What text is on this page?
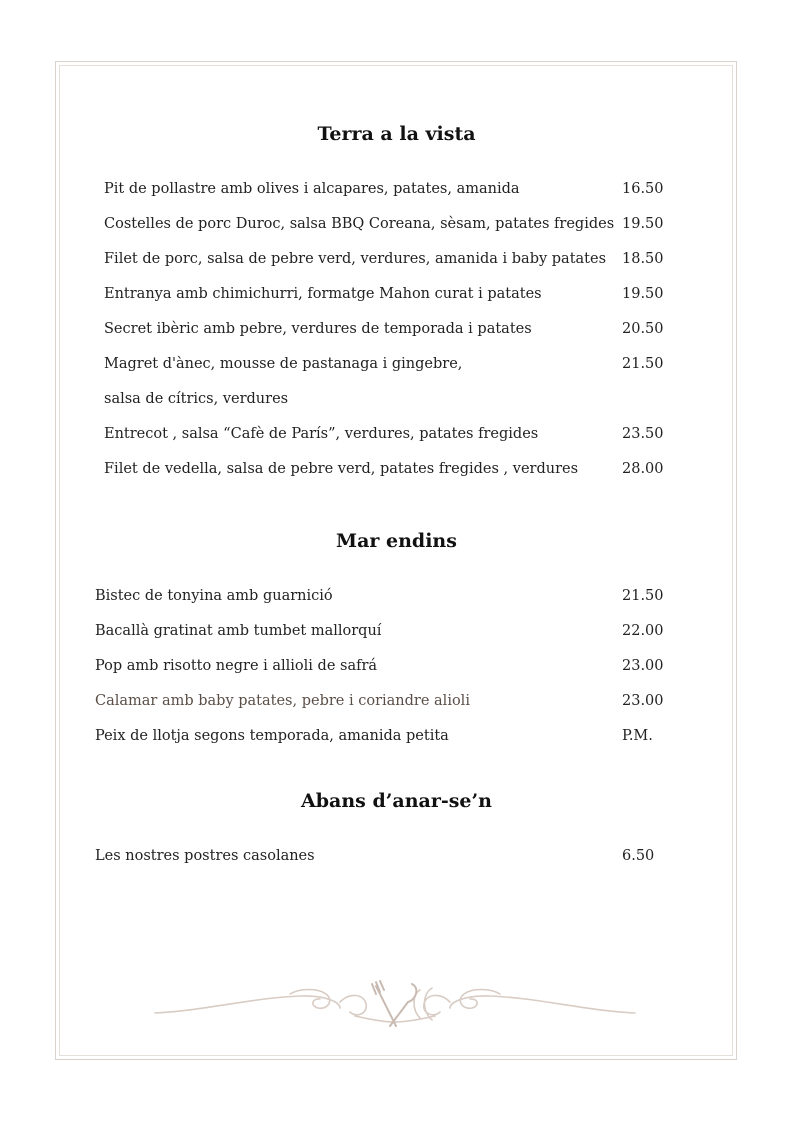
Terra a la vista
Pit de pollastre amb olives i alcapares, patates, amanida	16.50
Costelles de porc Duroc, salsa BBQ Coreana, sèsam, patates fregides 19.50
Filet de porc, salsa de pebre verd, verdures, amanida i baby patates 18.50
Entranya amb chimichurri, formatge Mahon curat i patates	19.50
Secret ibèric amb pebre, verdures de temporada i patates	20.50
Magret d'ànec, mousse de pastanaga i gingebre,	21.50
salsa de cítrics, verdures
Entrecot , salsa “Cafè de París”, verdures, patates fregides	23.50
Filet de vedella, salsa de pebre verd, patates fregides , verdures	28.00
Mar endins
Bistec de tonyina amb guarnició	21.50
Bacallà gratinat amb tumbet mallorquí	22.00
Pop amb risotto negre i allioli de safrá	23.00
Calamar amb baby patates, pebre i coriandre alioli	23.00
Peix de llotja segons temporada, amanida petita	P.M.
Abans d’anar-se’n
Les nostres postres casolanes	6.50
